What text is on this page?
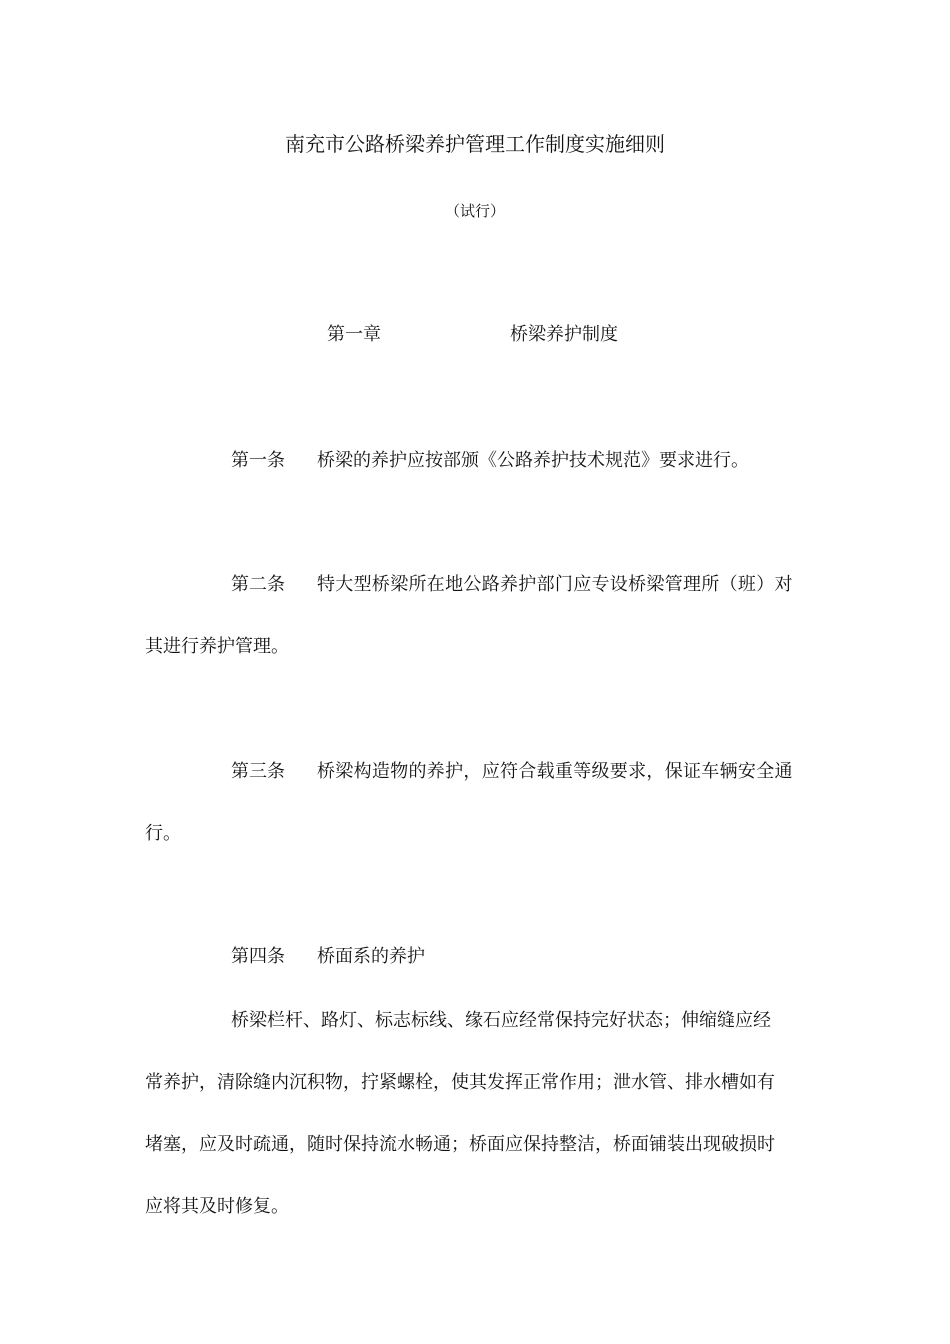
南充市公路桥梁养护管理工作制度实施细则
（试行）
第一章	桥梁养护制度
第一条 桥梁的养护应按部颁《公路养护技术规范》要求进行。
第二条 特大型桥梁所在地公路养护部门应专设桥梁管理所（班）对
其进行养护管理。
第三条 桥梁构造物的养护，应符合载重等级要求，保证车辆安全通
行。
第四条 桥面系的养护
桥梁栏杆、路灯、标志标线、缘石应经常保持完好状态；伸缩缝应经
常养护，清除缝内沉积物，拧紧螺栓，使其发挥正常作用；泄水管、排水槽如有
堵塞，应及时疏通，随时保持流水畅通；桥面应保持整洁，桥面铺装出现破损时
应将其及时修复。
